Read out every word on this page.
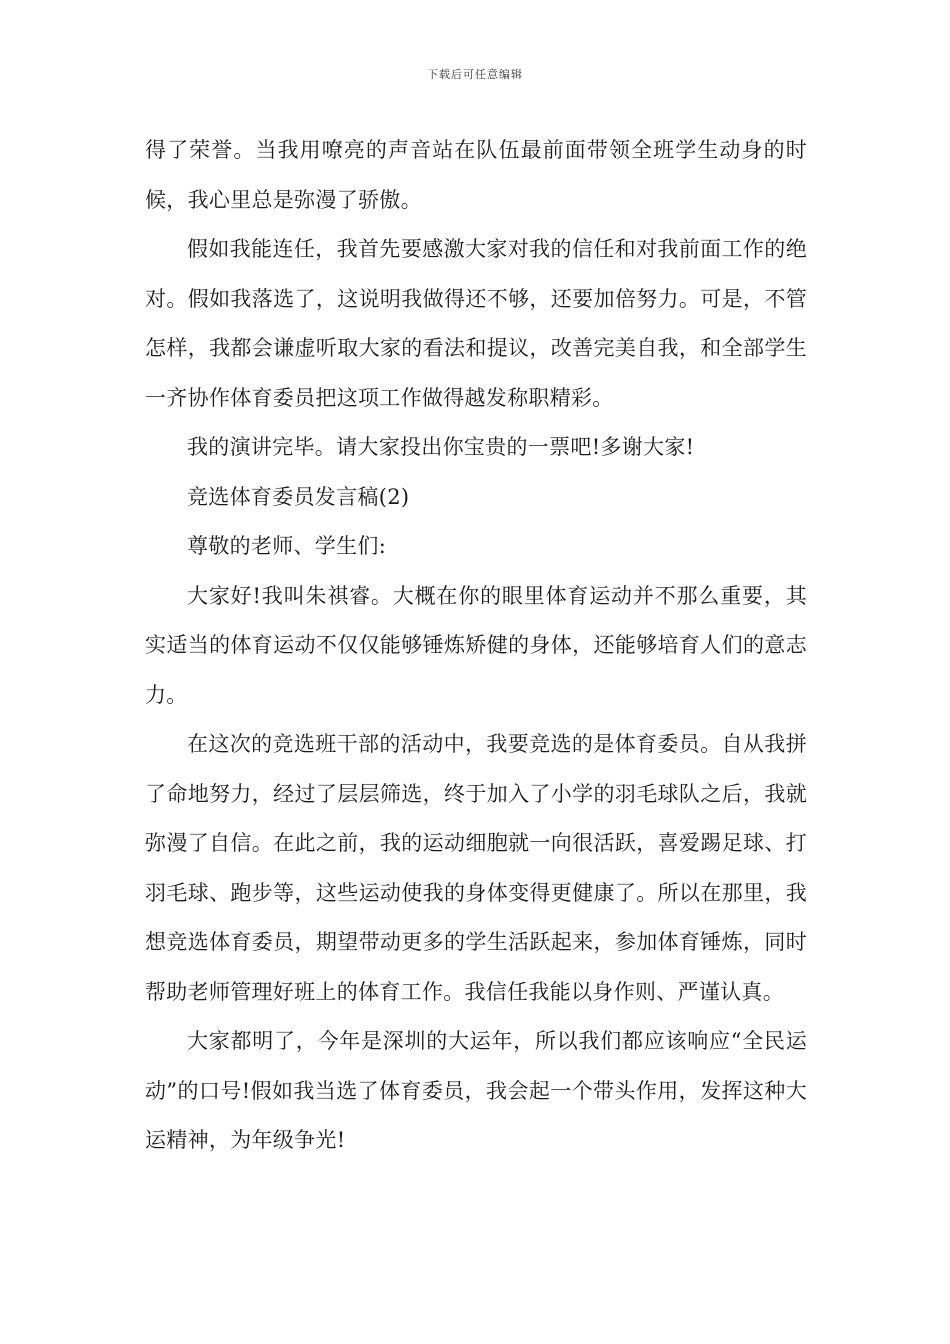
下载后可任意编辑

得了荣誉。当我用嘹亮的声音站在队伍最前面带领全班学生动身的时候，我心里总是弥漫了骄傲。

假如我能连任，我首先要感激大家对我的信任和对我前面工作的绝对。假如我落选了，这说明我做得还不够，还要加倍努力。可是，不管怎样，我都会谦虚听取大家的看法和提议，改善完美自我，和全部学生一齐协作体育委员把这项工作做得越发称职精彩。

我的演讲完毕。请大家投出你宝贵的一票吧!多谢大家!

竞选体育委员发言稿(2)

尊敬的老师、学生们:

大家好!我叫朱祺睿。大概在你的眼里体育运动并不那么重要，其实适当的体育运动不仅仅能够锤炼矫健的身体，还能够培育人们的意志力。

在这次的竞选班干部的活动中，我要竞选的是体育委员。自从我拼了命地努力，经过了层层筛选，终于加入了小学的羽毛球队之后，我就弥漫了自信。在此之前，我的运动细胞就一向很活跃，喜爱踢足球、打　羽毛球、跑步等，这些运动使我的身体变得更健康了。所以在那里，我想竞选体育委员，期望带动更多的学生活跃起来，参加体育锤炼，同时帮助老师管理好班上的体育工作。我信任我能以身作则、严谨认真。

大家都明了，今年是深圳的大运年，所以我们都应该响应“全民运动”的口号!假如我当选了体育委员，我会起一个带头作用，发挥这种大运精神，为年级争光!
